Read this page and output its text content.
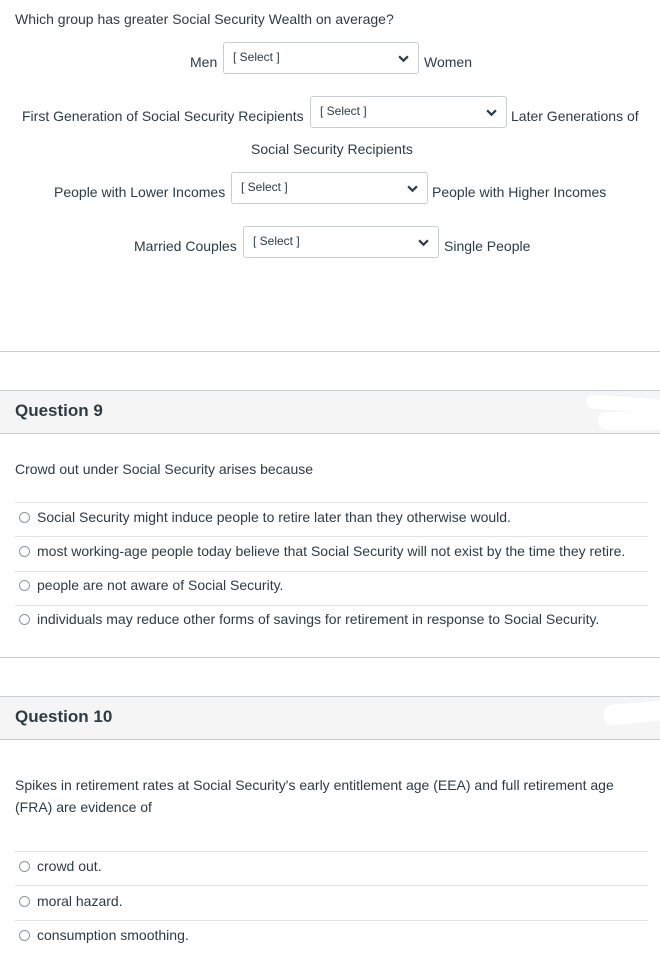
Which group has greater Social Security Wealth on average?
Men [ Select ]	Women
First Generation of Social Security Recipients [ Select ]	Later Generations of
Social Security Recipients
People with Lower Incomes [ Select ]	People with Higher Incomes
Married Couples [ Select ]	Single People
Question 9
Crowd out under Social Security arises because
Social Security might induce people to retire later than they otherwise would.
most working-age people today believe that Social Security will not exist by the time they retire.
people are not aware of Social Security.
individuals may reduce other forms of savings for retirement in response to Social Security.
Question 10
Spikes in retirement rates at Social Security's early entitlement age (EEA) and full retirement age (FRA) are evidence of
crowd out.
moral hazard.
consumption smoothing.
